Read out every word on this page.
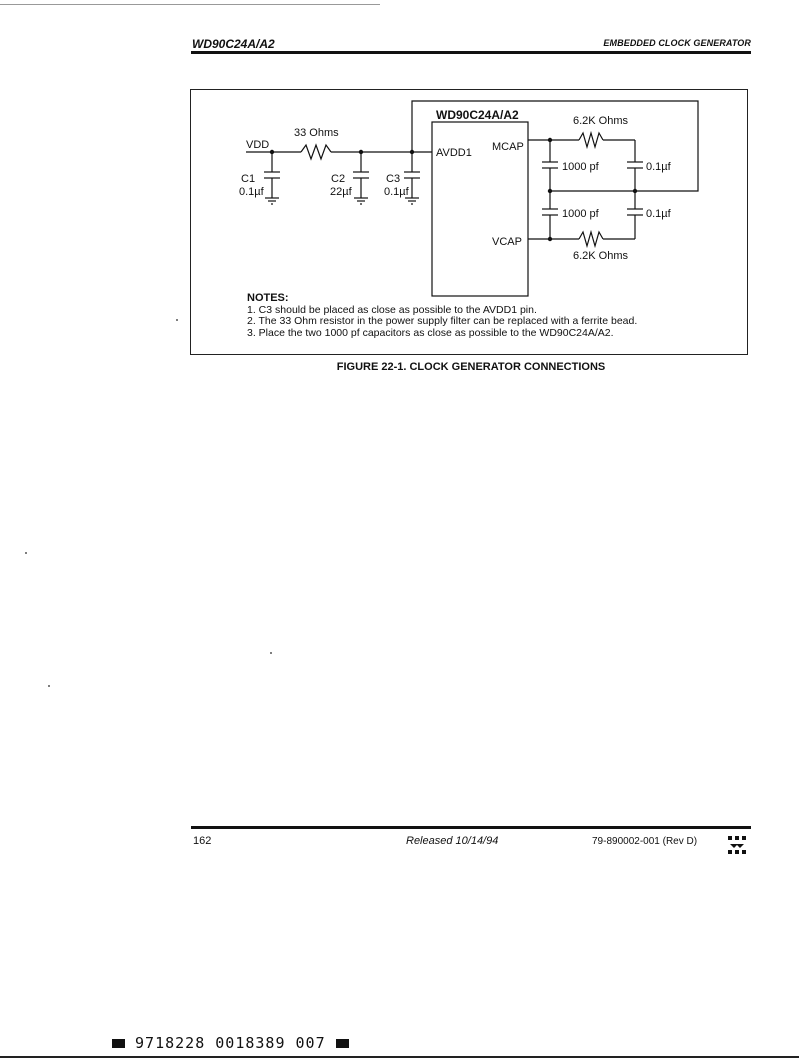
WD90C24A/A2	EMBEDDED CLOCK GENERATOR
WD90C24A/A2
VDD
33 Ohms
C1
0.1µf
C2
22µf
C3
0.1µf
AVDD1 MCAP
VCAP
6.2K Ohms
6.2K Ohms
1000 pf	0.1µf
1000 pf	0.1µf
NOTES:
1. C3 should be placed as close as possible to the AVDD1 pin.
2. The 33 Ohm resistor in the power supply filter can be replaced with a ferrite bead.
3. Place the two 1000 pf capacitors as close as possible to the WD90C24A/A2.
FIGURE 22-1. CLOCK GENERATOR CONNECTIONS
162	Released 10/14/94	79-890002-001 (Rev D)
9718228 0018389 007
